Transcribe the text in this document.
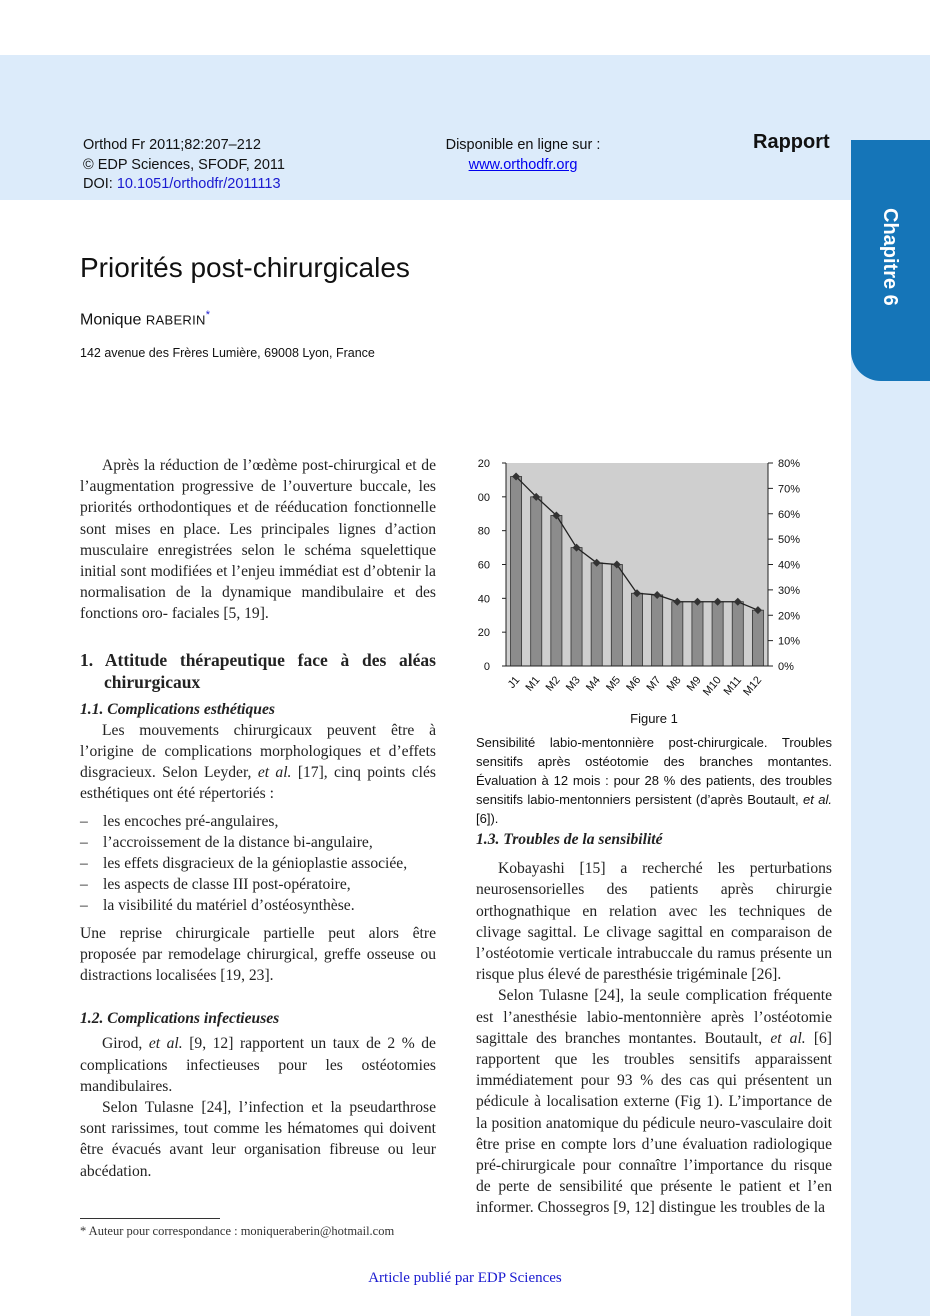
Chapitre 6
Orthod Fr 2011;82:207–212
© EDP Sciences, SFODF, 2011
DOI: 10.1051/orthodfr/2011113
Disponible en ligne sur :
www.orthodfr.org
Rapport
Priorités post-chirurgicales
Monique RABERIN*
142 avenue des Frères Lumière, 69008 Lyon, France

Après la réduction de l’œdème post-chirurgical et de l’augmentation progressive de l’ouverture buccale, les priorités orthodontiques et de rééducation fonctionnelle sont mises en place. Les principales lignes d’action musculaire enregistrées selon le schéma squelettique initial sont modifiées et l’enjeu immédiat est d’obtenir la normalisation de la dynamique mandibulaire et des fonctions oro- faciales [5, 19].

1. Attitude thérapeutique face à des aléas chirurgicaux
1.1. Complications esthétiques

Les mouvements chirurgicaux peuvent être à l’origine de complications morphologiques et d’effets disgracieux. Selon Leyder, et al. [17], cinq points clés esthétiques ont été répertoriés :

– les encoches pré-angulaires,
– l’accroissement de la distance bi-angulaire,
– les effets disgracieux de la génioplastie associée,
– les aspects de classe III post-opératoire,
– la visibilité du matériel d’ostéosynthèse.

Une reprise chirurgicale partielle peut alors être proposée par remodelage chirurgical, greffe osseuse ou distractions localisées [19, 23].

1.2. Complications infectieuses

Girod, et al. [9, 12] rapportent un taux de 2 % de complications infectieuses pour les ostéotomies mandibulaires.

Selon Tulasne [24], l’infection et la pseudarthrose sont rarissimes, tout comme les hématomes qui doivent être évacués avant leur organisation fibreuse ou leur abcédation.

* Auteur pour correspondance : moniqueraberin@hotmail.com
0
20
40
60
80
00
20
0%
10%
20%
30%
40%
50%
60%
70%
80%
J1 M1 M2 M3 M4 M5 M6 M7 M8 M9
M10
M11
M12
Figure 1
Sensibilité labio-mentonnière post-chirurgicale. Troubles sensitifs après ostéotomie des branches montantes. Évaluation à 12 mois : pour 28 % des patients, des troubles sensitifs labio-mentonniers persistent (d’après Boutault, et al. [6]).
1.3. Troubles de la sensibilité

Kobayashi [15] a recherché les perturbations neurosensorielles des patients après chirurgie orthognathique en relation avec les techniques de clivage sagittal. Le clivage sagittal en comparaison de l’ostéotomie verticale intrabuccale du ramus présente un risque plus élevé de paresthésie trigéminale [26].

Selon Tulasne [24], la seule complication fréquente est l’anesthésie labio-mentonnière après l’ostéotomie sagittale des branches montantes. Boutault, et al. [6] rapportent que les troubles sensitifs apparaissent immédiatement pour 93 % des cas qui présentent un pédicule à localisation externe (Fig 1). L’importance de la position anatomique du pédicule neuro-vasculaire doit être prise en compte lors d’une évaluation radiologique pré-chirurgicale pour connaître l’importance du risque de perte de sensibilité que présente le patient et l’en informer. Chossegros [9, 12] distingue les troubles de la

Article publié par EDP Sciences
